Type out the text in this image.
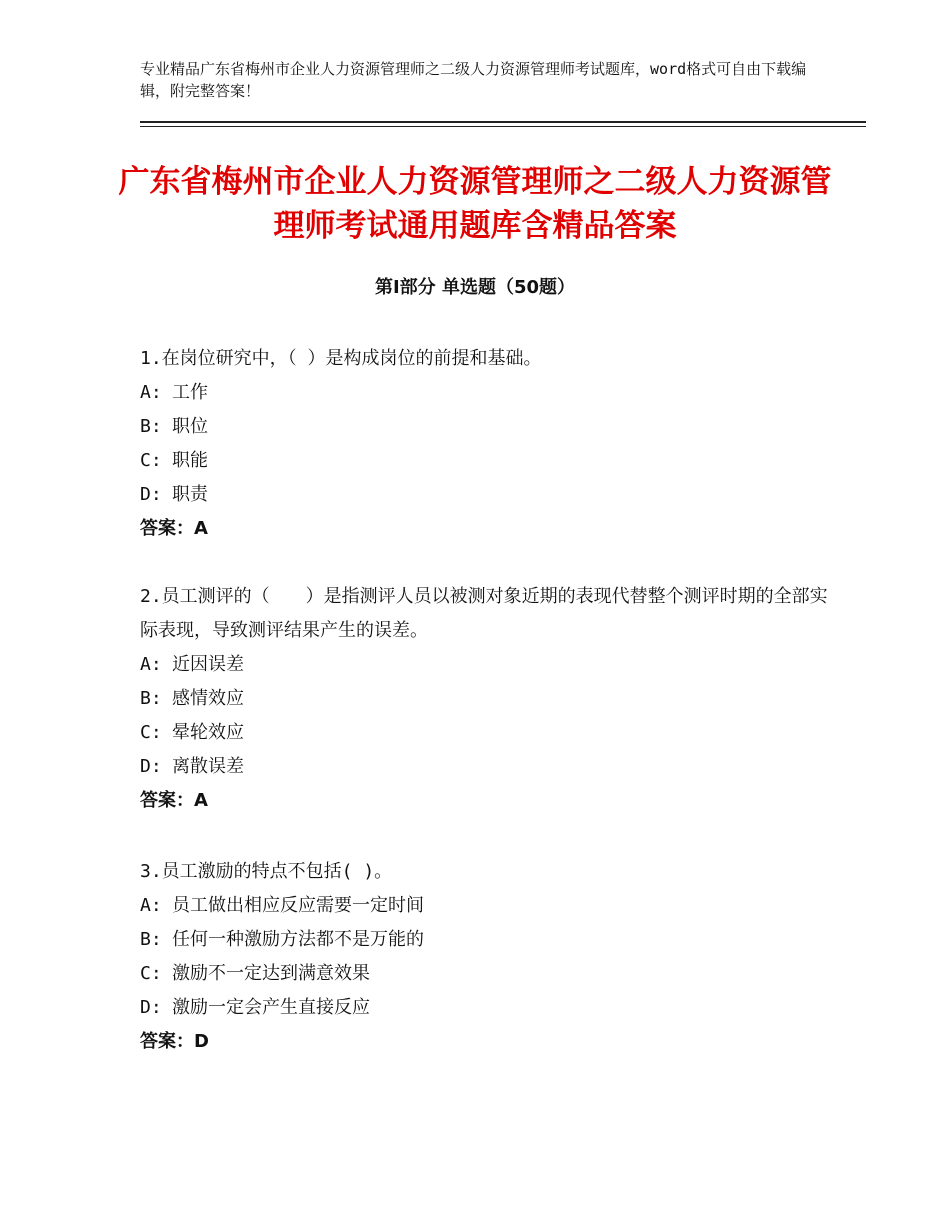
专业精品广东省梅州市企业人力资源管理师之二级人力资源管理师考试题库，word格式可自由下载编辑，附完整答案！
广东省梅州市企业人力资源管理师之二级人力资源管理师考试通用题库含精品答案
第Ⅰ部分 单选题（50题）
1.在岗位研究中，（ ）是构成岗位的前提和基础。
A: 工作
B: 职位
C: 职能
D: 职责
答案：A
2.员工测评的（　　）是指测评人员以被测对象近期的表现代替整个测评时期的全部实际表现，导致测评结果产生的误差。
A: 近因误差
B: 感情效应
C: 晕轮效应
D: 离散误差
答案：A
3.员工激励的特点不包括( )。
A: 员工做出相应反应需要一定时间
B: 任何一种激励方法都不是万能的
C: 激励不一定达到满意效果
D: 激励一定会产生直接反应
答案：D
